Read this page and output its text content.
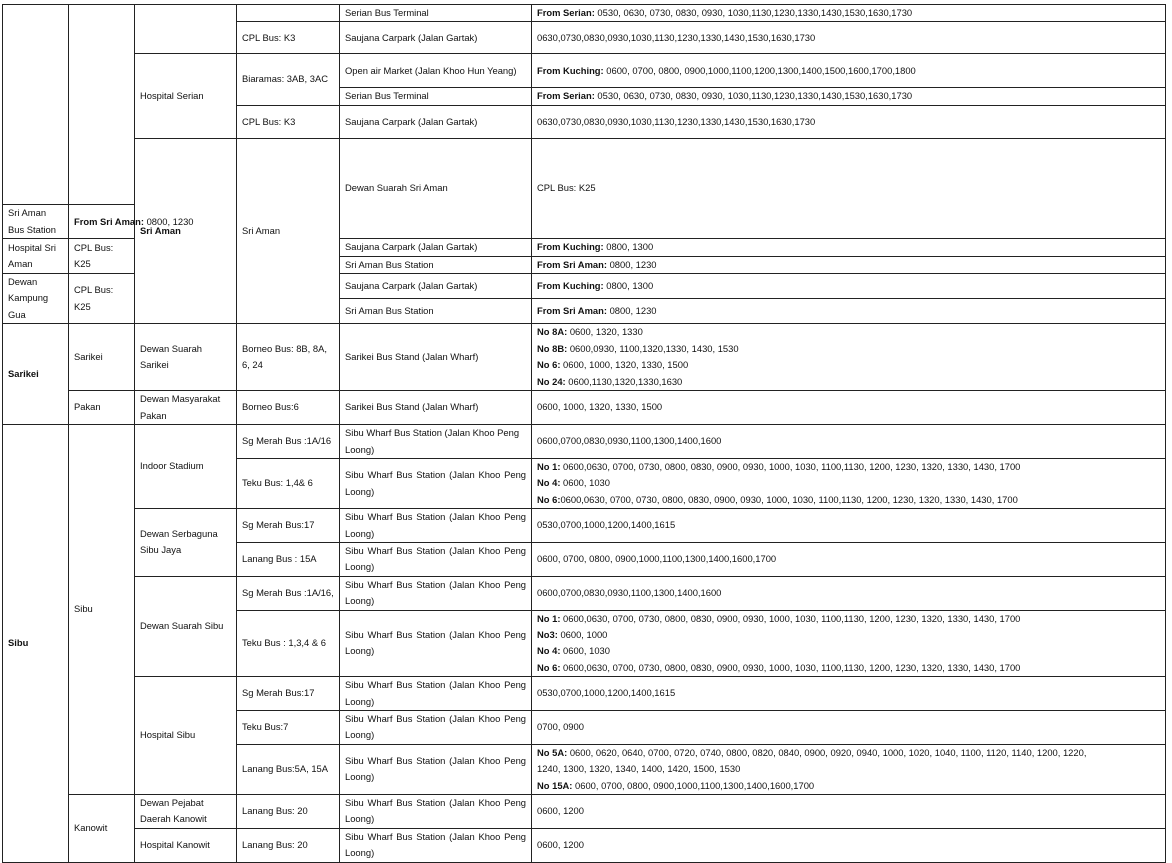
				Serian Bus Terminal	From Serian: 0530, 0630, 0730, 0830, 0930, 1030,1130,1230,1330,1430,1530,1630,1730	

			CPL Bus: K3	Saujana Carpark (Jalan Gartak)	0630,0730,0830,0930,1030,1130,1230,1330,1430,1530,1630,1730	

		Hospital Serian	Biaramas: 3AB, 3AC	Open air Market (Jalan Khoo Hun Yeang)	From Kuching: 0600, 0700, 0800, 0900,1000,1100,1200,1300,1400,1500,1600,1700,1800	

				Serian Bus Terminal	From Serian: 0530, 0630, 0730, 0830, 0930, 1030,1130,1230,1330,1430,1530,1630,1730	

			CPL Bus: K3	Saujana Carpark (Jalan Gartak)	0630,0730,0830,0930,1030,1130,1230,1330,1430,1530,1630,1730	

		Sri Aman	Sri Aman	Dewan Suarah Sri Aman	CPL Bus: K25		

Sri Aman Bus Station	From Sri Aman: 0800, 1230					

Hospital Sri Aman	CPL Bus: K25			Saujana Carpark (Jalan Gartak)	From Kuching: 0800, 1300	

				Sri Aman Bus Station	From Sri Aman: 0800, 1230	

Dewan Kampung Gua	CPL Bus: K25			Saujana Carpark (Jalan Gartak)	From Kuching: 0800, 1300	

				Sri Aman Bus Station	From Sri Aman: 0800, 1230	

Sarikei	Sarikei	Dewan Suarah Sarikei	Borneo Bus: 8B, 8A, 6, 24	Sarikei Bus Stand (Jalan Wharf)	No 8A: 0600, 1320, 1330
No 8B: 0600,0930, 1100,1320,1330, 1430, 1530
No 6: 0600, 1000, 1320, 1330, 1500
No 24: 0600,1130,1320,1330,1630	

	Pakan	Dewan Masyarakat Pakan	Borneo Bus:6	Sarikei Bus Stand (Jalan Wharf)	0600, 1000, 1320, 1330, 1500	

Sibu	Sibu	Indoor Stadium	Sg Merah Bus :1A/16	Sibu Wharf Bus Station (Jalan Khoo Peng Loong)	0600,0700,0830,0930,1100,1300,1400,1600	

			Teku Bus: 1,4& 6	Sibu Wharf Bus Station (Jalan Khoo Peng Loong)	No 1: 0600,0630, 0700, 0730, 0800, 0830, 0900, 0930, 1000, 1030, 1100,1130, 1200, 1230, 1320, 1330, 1430, 1700
No 4: 0600, 1030
No 6:0600,0630, 0700, 0730, 0800, 0830, 0900, 0930, 1000, 1030, 1100,1130, 1200, 1230, 1320, 1330, 1430, 1700	

		Dewan Serbaguna Sibu Jaya	Sg Merah Bus:17	Sibu Wharf Bus Station (Jalan Khoo Peng Loong)	0530,0700,1000,1200,1400,1615	

			Lanang Bus : 15A	Sibu Wharf Bus Station (Jalan Khoo Peng Loong)	0600, 0700, 0800, 0900,1000,1100,1300,1400,1600,1700	

		Dewan Suarah Sibu	Sg Merah Bus :1A/16,	Sibu Wharf Bus Station (Jalan Khoo Peng Loong)	0600,0700,0830,0930,1100,1300,1400,1600	

			Teku Bus : 1,3,4 & 6	Sibu Wharf Bus Station (Jalan Khoo Peng Loong)	No 1: 0600,0630, 0700, 0730, 0800, 0830, 0900, 0930, 1000, 1030, 1100,1130, 1200, 1230, 1320, 1330, 1430, 1700
No3: 0600, 1000
No 4: 0600, 1030
No 6: 0600,0630, 0700, 0730, 0800, 0830, 0900, 0930, 1000, 1030, 1100,1130, 1200, 1230, 1320, 1330, 1430, 1700	

		Hospital Sibu	Sg Merah Bus:17	Sibu Wharf Bus Station (Jalan Khoo Peng Loong)	0530,0700,1000,1200,1400,1615	

			Teku Bus:7	Sibu Wharf Bus Station (Jalan Khoo Peng Loong)	0700, 0900	

			Lanang Bus:5A, 15A	Sibu Wharf Bus Station (Jalan Khoo Peng Loong)	No 5A: 0600, 0620, 0640, 0700, 0720, 0740, 0800, 0820, 0840, 0900, 0920, 0940, 1000, 1020, 1040, 1100, 1120, 1140, 1200, 1220,
1240, 1300, 1320, 1340, 1400, 1420, 1500, 1530
No 15A: 0600, 0700, 0800, 0900,1000,1100,1300,1400,1600,1700	

	Kanowit	Dewan Pejabat Daerah Kanowit	Lanang Bus: 20	Sibu Wharf Bus Station (Jalan Khoo Peng Loong)	0600, 1200	

		Hospital Kanowit	Lanang Bus: 20	Sibu Wharf Bus Station (Jalan Khoo Peng Loong)	0600, 1200	
